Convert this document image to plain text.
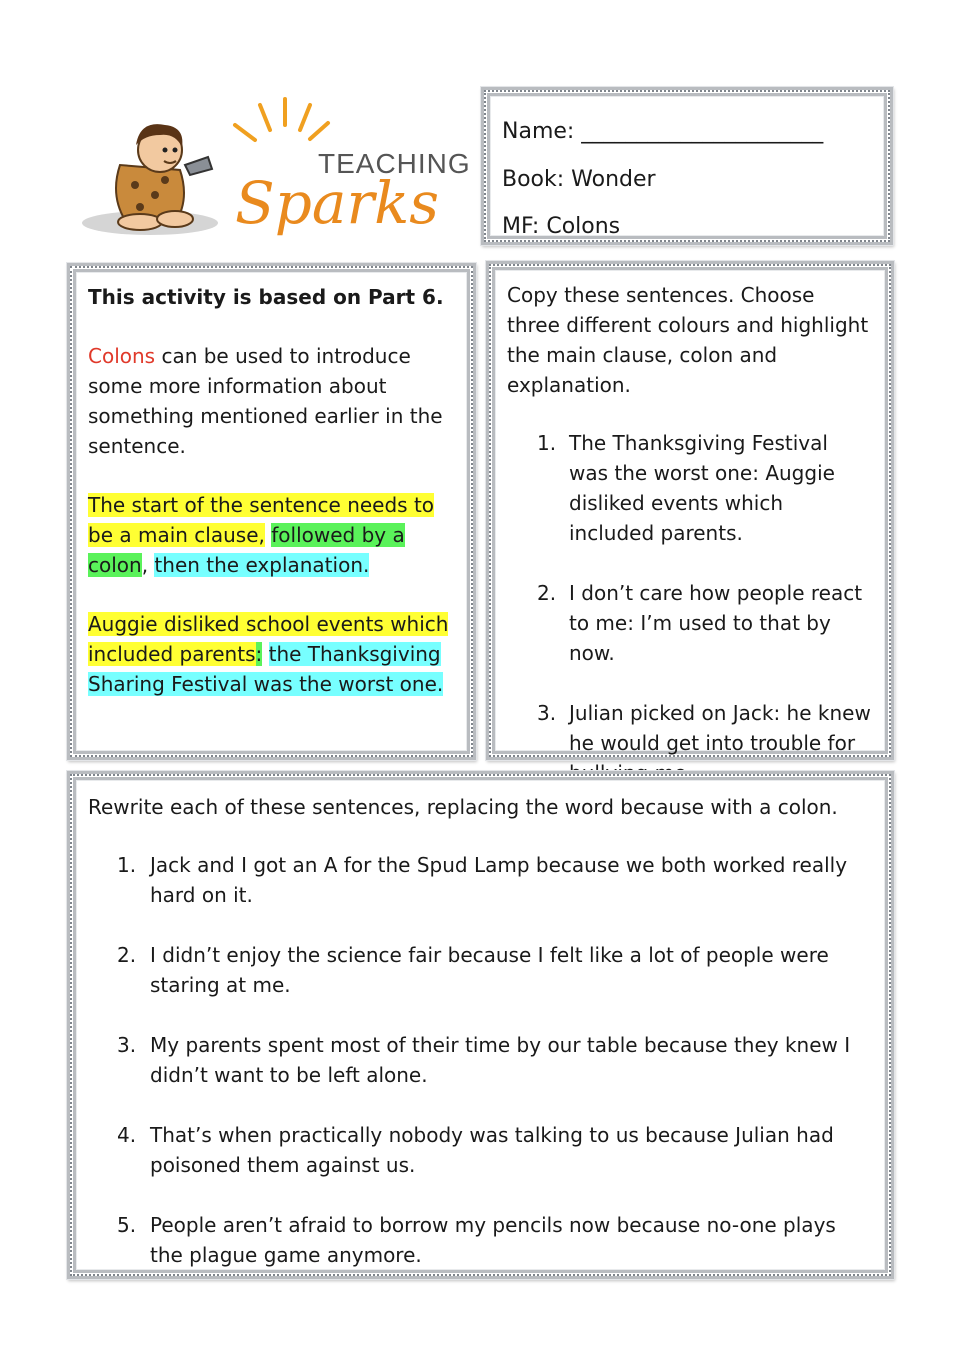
TEACHING
Sparks
Name: ______________________
Book: Wonder
MF: Colons

This activity is based on Part 6.

Colons can be used to introduce some more information about something mentioned earlier in the sentence.

The start of the sentence needs to be a main clause, followed by a colon, then the explanation.

Auggie disliked school events which included parents: the Thanksgiving Sharing Festival was the worst one.

Copy these sentences. Choose three different colours and highlight the main clause, colon and explanation.
1. The Thanksgiving Festival was the worst one: Auggie disliked events which included parents.
2. I don’t care how people react to me: I’m used to that by now.
3. Julian picked on Jack: he knew he would get into trouble for
Rewrite each of these sentences, replacing the word because with a colon.
1. Jack and I got an A for the Spud Lamp because we both worked really hard on it.
2. I didn’t enjoy the science fair because I felt like a lot of people were staring at me.
3. My parents spent most of their time by our table because they knew I didn’t want to be left alone.
4. That’s when practically nobody was talking to us because Julian had poisoned them against us.
5. People aren’t afraid to borrow my pencils now because no-one plays the plague game anymore.
